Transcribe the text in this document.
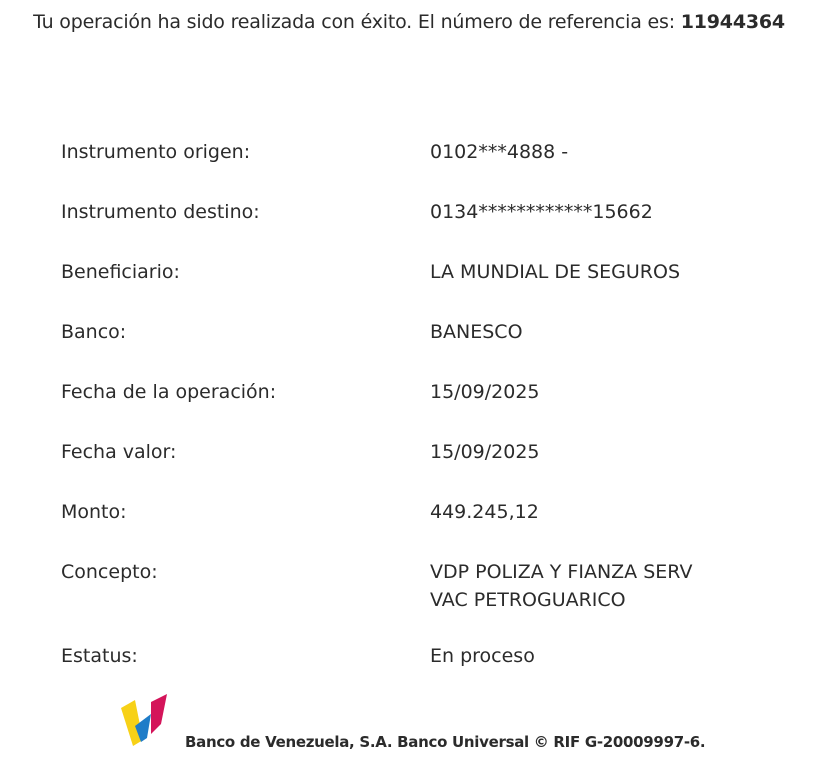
Tu operación ha sido realizada con éxito. El número de referencia es: 11944364
Instrumento origen:	0102***4888 -
Instrumento destino:	0134************15662
Beneficiario:	LA MUNDIAL DE SEGUROS
Banco:	BANESCO
Fecha de la operación:	15/09/2025
Fecha valor:	15/09/2025
Monto:	449.245,12
Concepto:	VDP POLIZA Y FIANZA SERV
VAC PETROGUARICO
Estatus:	En proceso
Banco de Venezuela, S.A. Banco Universal © RIF G-20009997-6.
